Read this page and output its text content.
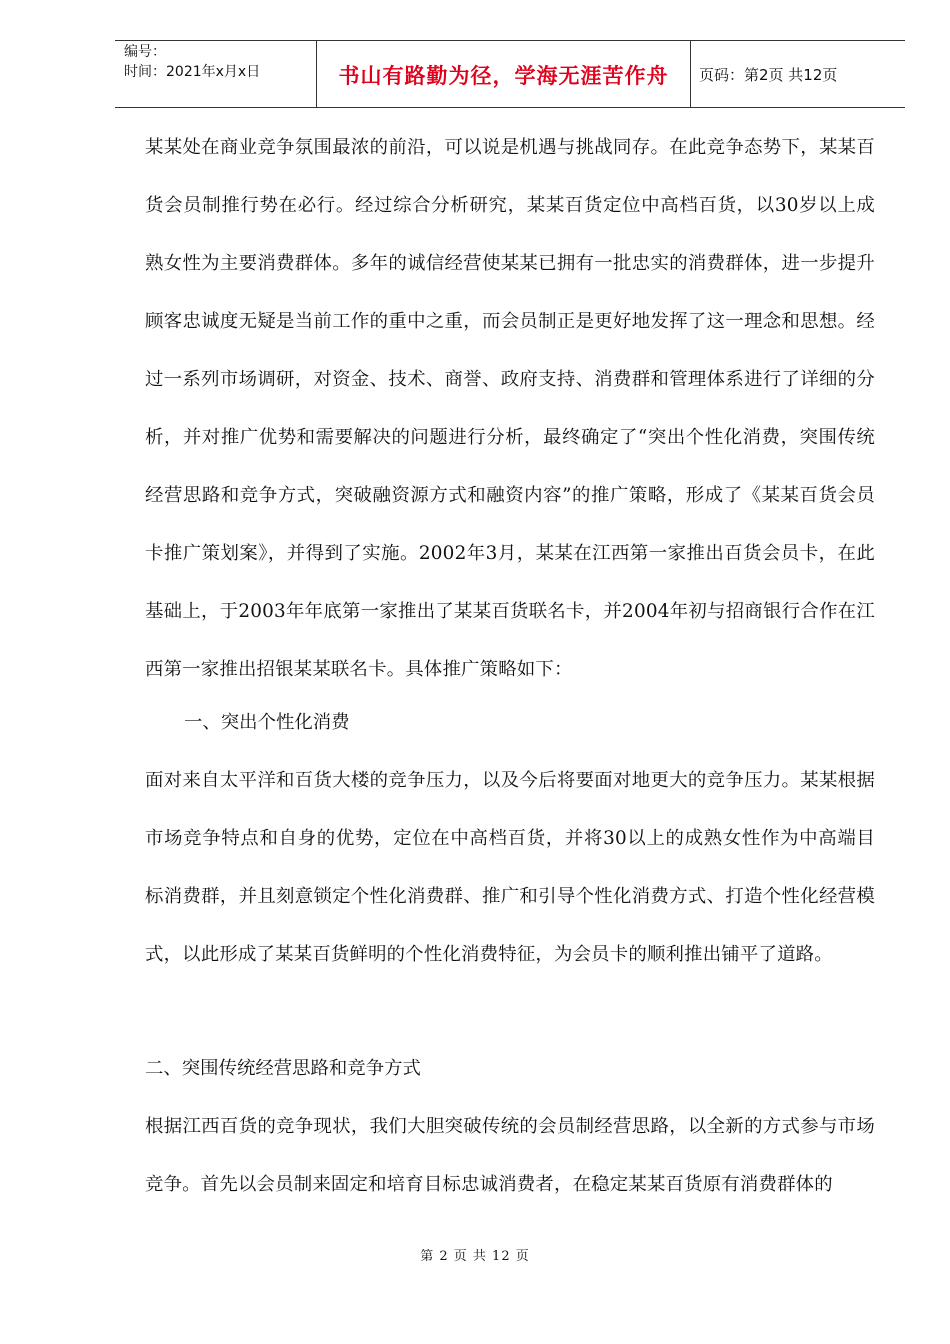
编号：
时间：2021年x月x日	书山有路勤为径，学海无涯苦作舟	页码：第2页 共12页

某某处在商业竞争氛围最浓的前沿，可以说是机遇与挑战同存。在此竞争态势下，某某百货会员制推行势在必行。经过综合分析研究，某某百货定位中高档百货，以30岁以上成熟女性为主要消费群体。多年的诚信经营使某某已拥有一批忠实的消费群体，进一步提升顾客忠诚度无疑是当前工作的重中之重，而会员制正是更好地发挥了这一理念和思想。经过一系列市场调研，对资金、技术、商誉、政府支持、消费群和管理体系进行了详细的分析，并对推广优势和需要解决的问题进行分析，最终确定了“突出个性化消费，突围传统经营思路和竞争方式，突破融资源方式和融资内容”的推广策略，形成了《某某百货会员卡推广策划案》，并得到了实施。2002年3月，某某在江西第一家推出百货会员卡，在此基础上，于2003年年底第一家推出了某某百货联名卡，并2004年初与招商银行合作在江西第一家推出招银某某联名卡。具体推广策略如下：

一、突出个性化消费

面对来自太平洋和百货大楼的竞争压力，以及今后将要面对地更大的竞争压力。某某根据市场竞争特点和自身的优势，定位在中高档百货，并将30以上的成熟女性作为中高端目标消费群，并且刻意锁定个性化消费群、推广和引导个性化消费方式、打造个性化经营模式，以此形成了某某百货鲜明的个性化消费特征，为会员卡的顺利推出铺平了道路。

二、突围传统经营思路和竞争方式

根据江西百货的竞争现状，我们大胆突破传统的会员制经营思路，以全新的方式参与市场竞争。首先以会员制来固定和培育目标忠诚消费者，在稳定某某百货原有消费群体的

第 2 页 共 12 页
